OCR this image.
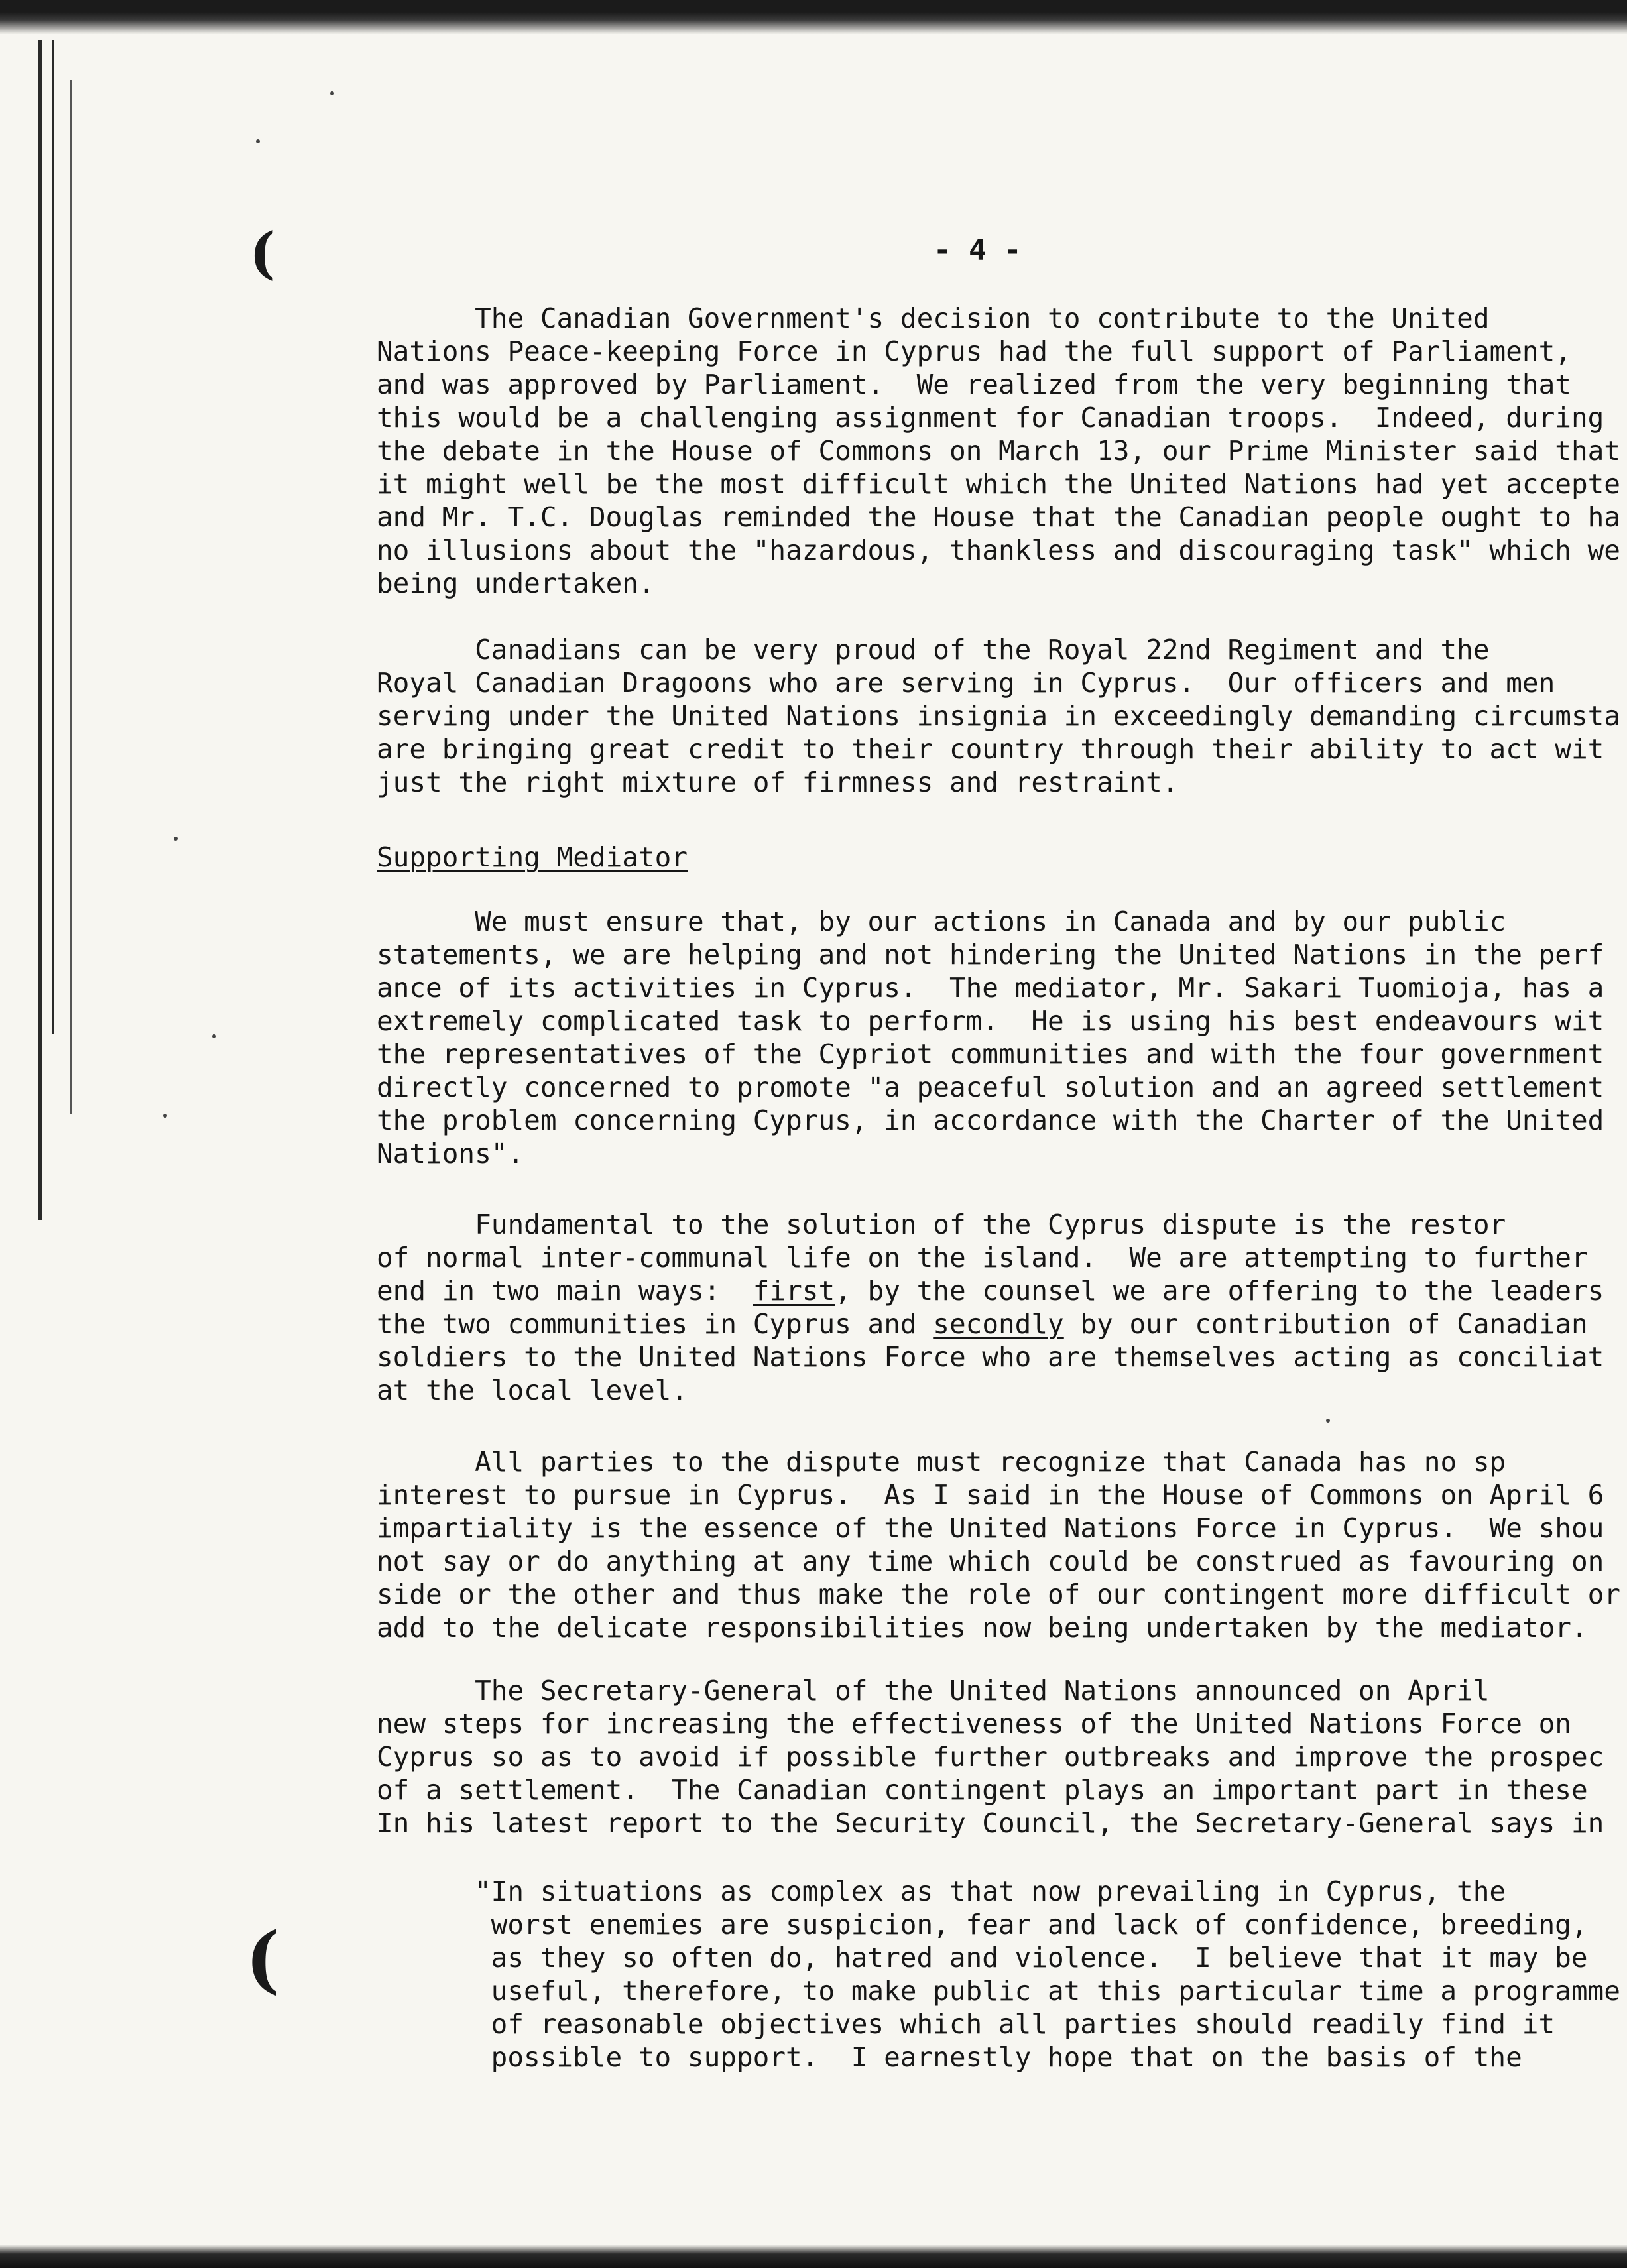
(
(
- 4 -
The Canadian Government's decision to contribute to the United
Nations Peace-keeping Force in Cyprus had the full support of Parliament,
and was approved by Parliament.  We realized from the very beginning that
this would be a challenging assignment for Canadian troops.  Indeed, during
the debate in the House of Commons on March 13, our Prime Minister said that
it might well be the most difficult which the United Nations had yet accepte
and Mr. T.C. Douglas reminded the House that the Canadian people ought to ha
no illusions about the "hazardous, thankless and discouraging task" which we
being undertaken.
Canadians can be very proud of the Royal 22nd Regiment and the
Royal Canadian Dragoons who are serving in Cyprus.  Our officers and men
serving under the United Nations insignia in exceedingly demanding circumsta
are bringing great credit to their country through their ability to act wit
just the right mixture of firmness and restraint.
Supporting Mediator
We must ensure that, by our actions in Canada and by our public
statements, we are helping and not hindering the United Nations in the perf
ance of its activities in Cyprus.  The mediator, Mr. Sakari Tuomioja, has a
extremely complicated task to perform.  He is using his best endeavours wit
the representatives of the Cypriot communities and with the four government
directly concerned to promote "a peaceful solution and an agreed settlement
the problem concerning Cyprus, in accordance with the Charter of the United
Nations".
Fundamental to the solution of the Cyprus dispute is the restor
of normal inter-communal life on the island.  We are attempting to further
end in two main ways:  first, by the counsel we are offering to the leaders
the two communities in Cyprus and secondly by our contribution of Canadian
soldiers to the United Nations Force who are themselves acting as conciliat
at the local level.
All parties to the dispute must recognize that Canada has no sp
interest to pursue in Cyprus.  As I said in the House of Commons on April 6
impartiality is the essence of the United Nations Force in Cyprus.  We shou
not say or do anything at any time which could be construed as favouring on
side or the other and thus make the role of our contingent more difficult or
add to the delicate responsibilities now being undertaken by the mediator.
The Secretary-General of the United Nations announced on April
new steps for increasing the effectiveness of the United Nations Force on
Cyprus so as to avoid if possible further outbreaks and improve the prospec
of a settlement.  The Canadian contingent plays an important part in these
In his latest report to the Security Council, the Secretary-General says in
"In situations as complex as that now prevailing in Cyprus, the
worst enemies are suspicion, fear and lack of confidence, breeding,
as they so often do, hatred and violence.  I believe that it may be
useful, therefore, to make public at this particular time a programme
of reasonable objectives which all parties should readily find it
possible to support.  I earnestly hope that on the basis of the
